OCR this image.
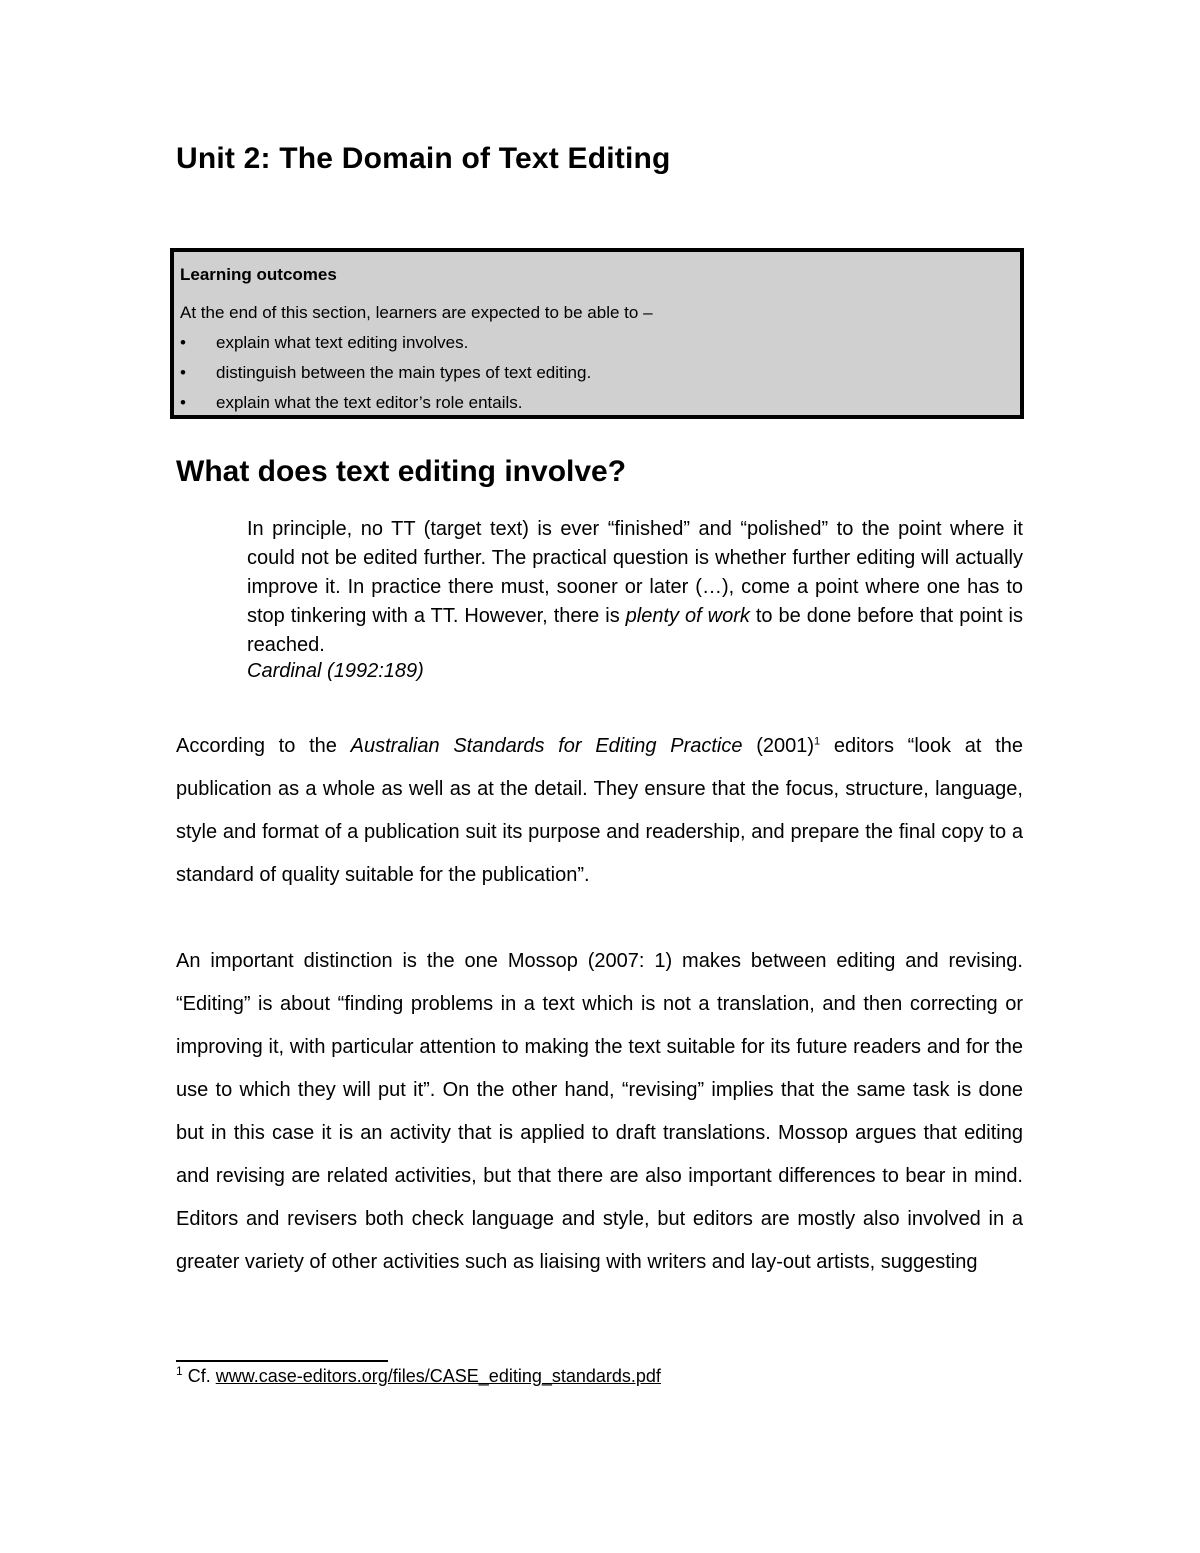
Unit 2: The Domain of Text Editing
Learning outcomes
At the end of this section, learners are expected to be able to –
• explain what text editing involves.
• distinguish between the main types of text editing.
• explain what the text editor’s role entails.
What does text editing involve?
In principle, no TT (target text) is ever “finished” and “polished” to the point where it could not be edited further. The practical question is whether further editing will actually improve it. In practice there must, sooner or later (…), come a point where one has to stop tinkering with a TT. However, there is plenty of work to be done before that point is reached.
Cardinal (1992:189)

According to the Australian Standards for Editing Practice $(2001)^1$ editors “look at the publication as a whole as well as at the detail. They ensure that the focus, structure, language, style and format of a publication suit its purpose and readership, and prepare the final copy to a standard of quality suitable for the publication”.

An important distinction is the one Mossop (2007: 1) makes between editing and revising. “Editing” is about “finding problems in a text which is not a translation, and then correcting or improving it, with particular attention to making the text suitable for its future readers and for the use to which they will put it”. On the other hand, “revising” implies that the same task is done but in this case it is an activity that is applied to draft translations. Mossop argues that editing and revising are related activities, but that there are also important differences to bear in mind. Editors and revisers both check language and style, but editors are mostly also involved in a greater variety of other activities such as liaising with writers and lay-out artists, suggesting

$^1$ Cf. www.case-editors.org/files/CASE_editing_standards.pdf
